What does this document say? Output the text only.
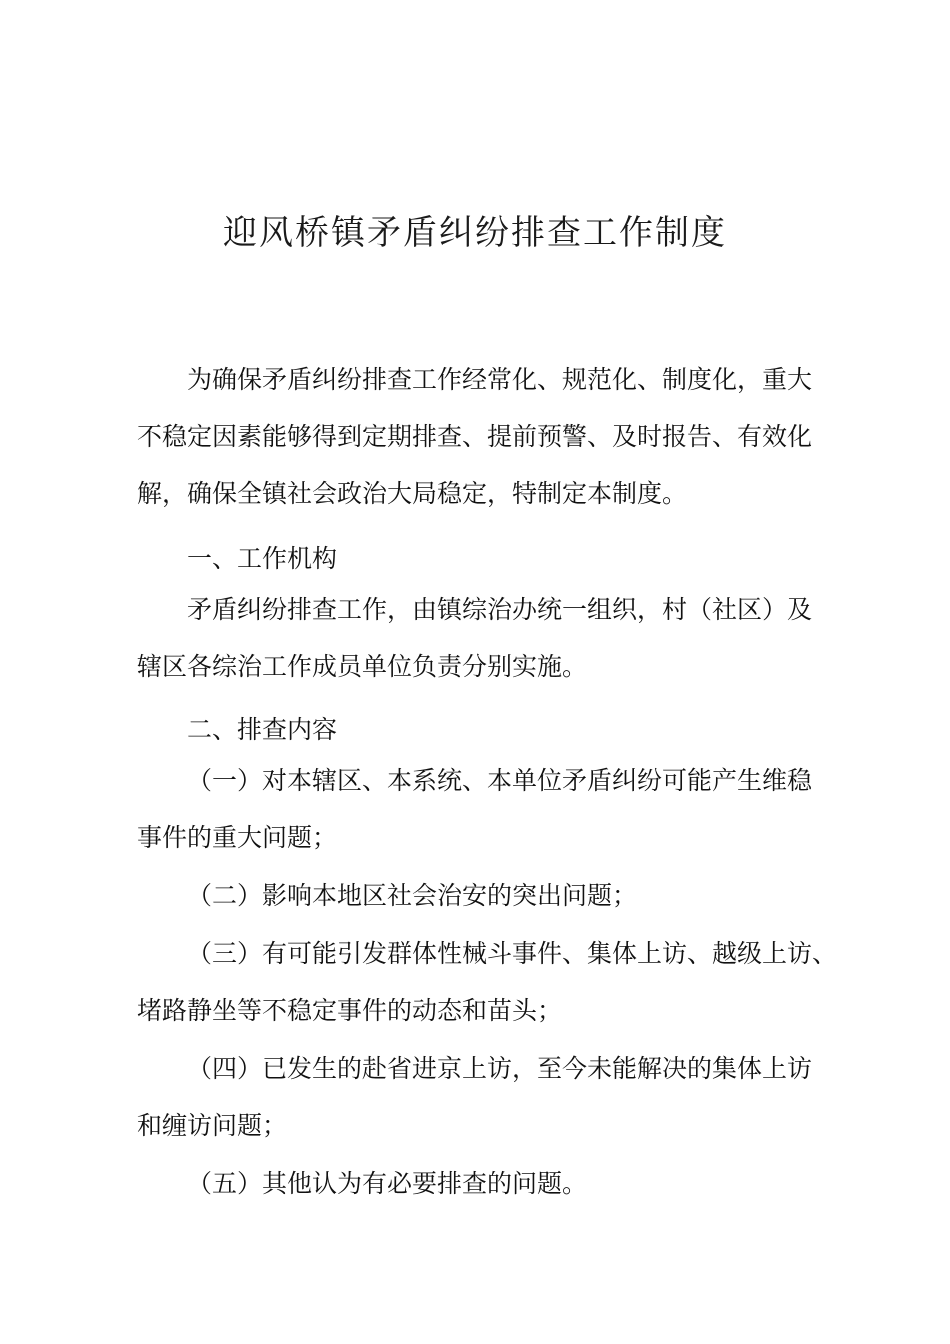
迎风桥镇矛盾纠纷排查工作制度
为确保矛盾纠纷排查工作经常化、规范化、制度化，重大
不稳定因素能够得到定期排查、提前预警、及时报告、有效化
解，确保全镇社会政治大局稳定，特制定本制度。
一、工作机构
矛盾纠纷排查工作，由镇综治办统一组织，村（社区）及
辖区各综治工作成员单位负责分别实施。
二、排查内容
（一）对本辖区、本系统、本单位矛盾纠纷可能产生维稳
事件的重大问题；
（二）影响本地区社会治安的突出问题；
（三）有可能引发群体性械斗事件、集体上访、越级上访、
堵路静坐等不稳定事件的动态和苗头；
（四）已发生的赴省进京上访，至今未能解决的集体上访
和缠访问题；
（五）其他认为有必要排查的问题。
